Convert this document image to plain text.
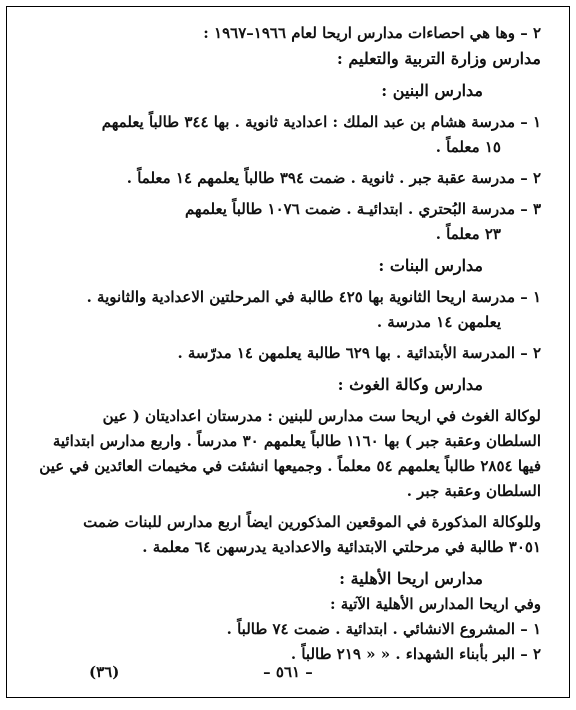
٢ – وها هي احصاءات مدارس اريحا لعام ١٩٦٦–١٩٦٧ :
مدارس وزارة التربية والتعليم :
مدارس البنين :
١ – مدرسة هشام بن عبد الملك : اعدادية ثانوية . بها ٣٤٤ طالباً يعلمهم
١٥ معلماً .
٢ – مدرسة عقبة جبر . ثانوية . ضمت ٣٩٤ طالباً يعلمهم ١٤ معلماً .
٣ – مدرسة البُحتري . ابتدائيـة . ضمت ١٠٧٦ طالباً يعلمهم
٢٣ معلماً .
مدارس البنات :
١ – مدرسة اريحا الثانوية بها ٤٢٥ طالبة في المرحلتين الاعدادية والثانوية .
يعلمهن ١٤ مدرسة .
٢ – المدرسة الأبتدائية . بها ٦٢٩ طالبة يعلمهن ١٤ مدرّسة .
مدارس وكالة الغوث :
لوكالة الغوث في اريحا ست مدارس للبنين : مدرستان اعداديتان ( عين
السلطان وعقبة جبر ) بها ١١٦٠ طالباً يعلمهم ٣٠ مدرساً . واربع مدارس ابتدائية
فيها ٢٨٥٤ طالباً يعلمهم ٥٤ معلماً . وجميعها انشئت في مخيمات العائدين في عين
السلطان وعقبة جبر .
وللوكالة المذكورة في الموقعين المذكورين ايضاً اربع مدارس للبنات ضمت
٣٠٥١ طالبة في مرحلتي الابتدائية والاعدادية يدرسهن ٦٤ معلمة .
مدارس اريحا الأهلية :
وفي اريحا المدارس الأهلية الآتية :
١ – المشروع الانشائي . ابتدائية . ضمت ٧٤ طالباً .
٢ – البر بأبناء الشهداء . « « ٢١٩ طالباً .
– ٥٦١ –
(٣٦)
